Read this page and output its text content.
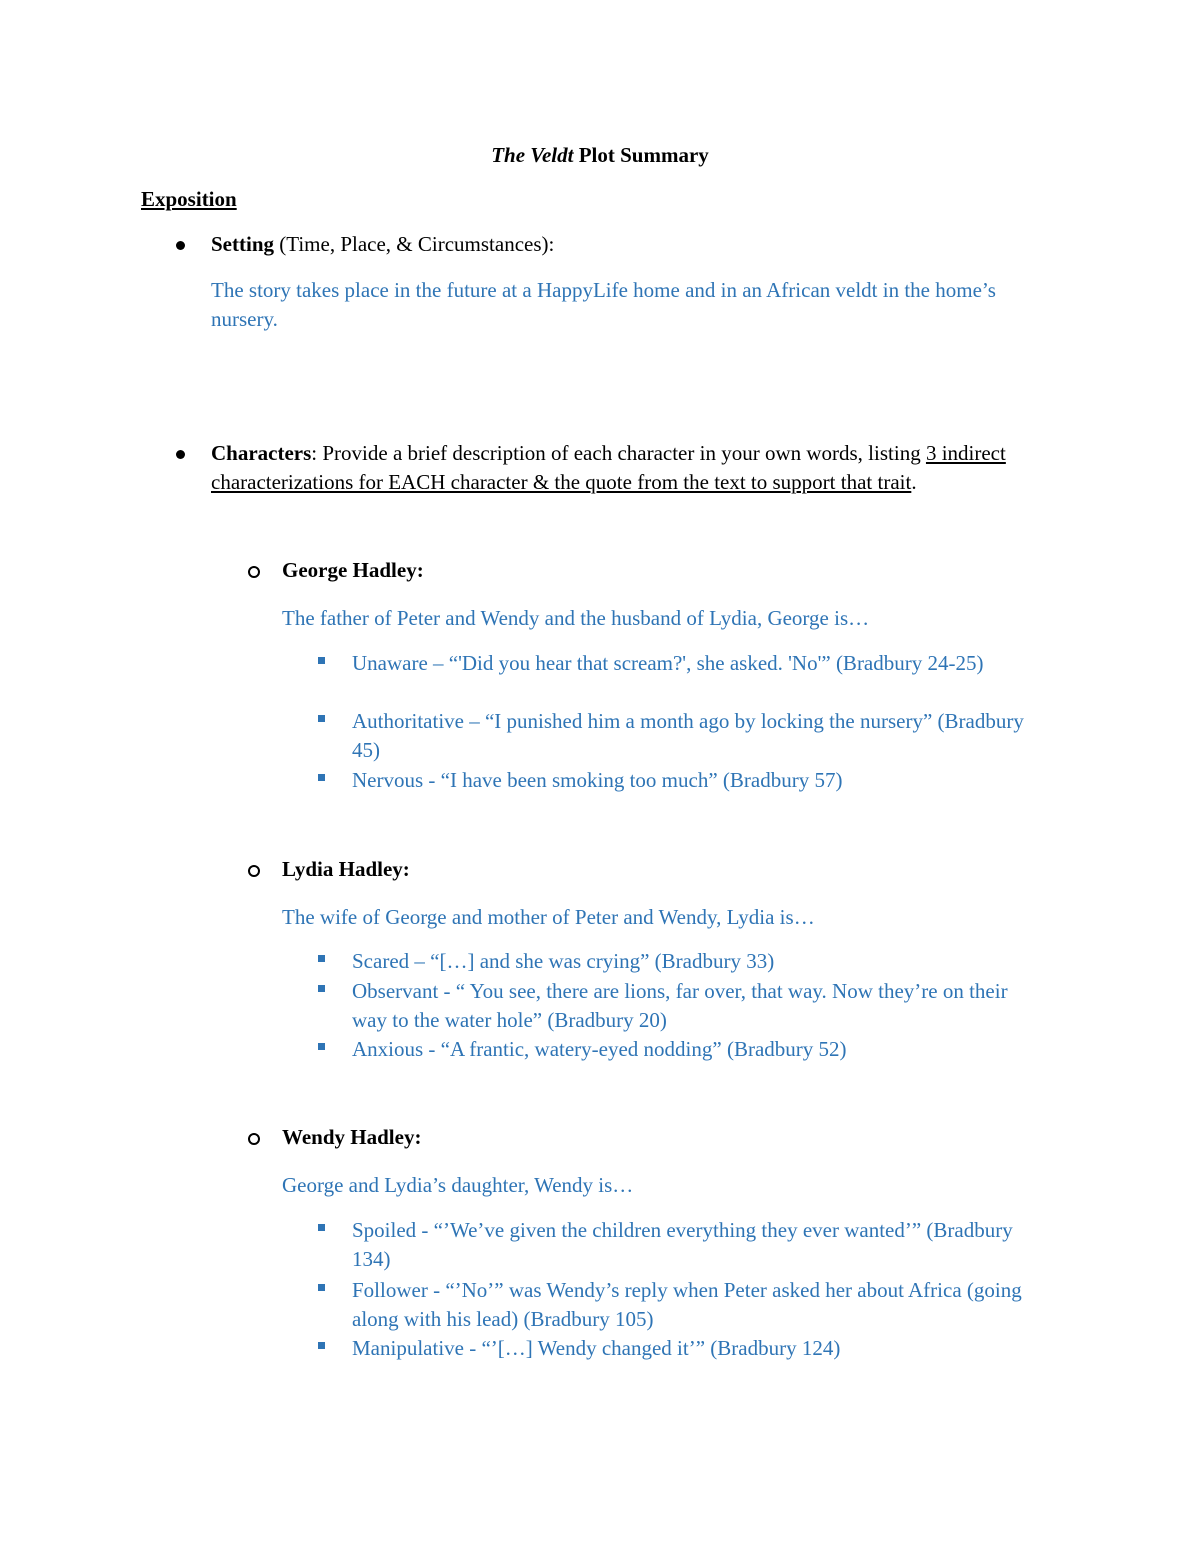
The Veldt Plot Summary
Exposition
Setting (Time, Place, & Circumstances):
The story takes place in the future at a HappyLife home and in an African veldt in the home’s nursery.
Characters: Provide a brief description of each character in your own words, listing 3 indirect characterizations for EACH character & the quote from the text to support that trait.
George Hadley:
The father of Peter and Wendy and the husband of Lydia, George is…
Unaware – “'Did you hear that scream?', she asked. 'No'” (Bradbury 24-25)
Authoritative – “I punished him a month ago by locking the nursery” (Bradbury 45)
Nervous - “I have been smoking too much” (Bradbury 57)
Lydia Hadley:
The wife of George and mother of Peter and Wendy, Lydia is…
Scared – “[…] and she was crying” (Bradbury 33)
Observant - “ You see, there are lions, far over, that way. Now they’re on their way to the water hole” (Bradbury 20)
Anxious - “A frantic, watery-eyed nodding” (Bradbury 52)
Wendy Hadley:
George and Lydia’s daughter, Wendy is…
Spoiled - “’We’ve given the children everything they ever wanted’” (Bradbury 134)
Follower - “’No’” was Wendy’s reply when Peter asked her about Africa (going along with his lead) (Bradbury 105)
Manipulative - “’[…] Wendy changed it’” (Bradbury 124)
